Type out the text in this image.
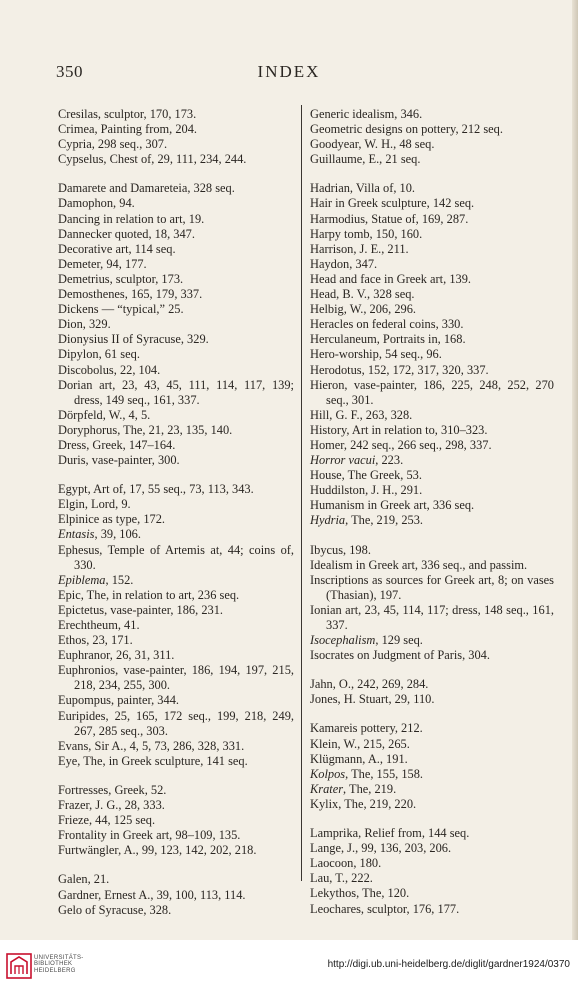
350	INDEX
Cresilas, sculptor, 170, 173.
Crimea, Painting from, 204.
Cypria, 298 seq., 307.
Cypselus, Chest of, 29, 111, 234, 244.
Damarete and Damareteia, 328 seq.
Damophon, 94.
Dancing in relation to art, 19.
Dannecker quoted, 18, 347.
Decorative art, 114 seq.
Demeter, 94, 177.
Demetrius, sculptor, 173.
Demosthenes, 165, 179, 337.
Dickens — “typical,” 25.
Dion, 329.
Dionysius II of Syracuse, 329.
Dipylon, 61 seq.
Discobolus, 22, 104.
Dorian art, 23, 43, 45, 111, 114, 117, 139; dress, 149 seq., 161, 337.
Dörpfeld, W., 4, 5.
Doryphorus, The, 21, 23, 135, 140.
Dress, Greek, 147–164.
Duris, vase-painter, 300.
Egypt, Art of, 17, 55 seq., 73, 113, 343.
Elgin, Lord, 9.
Elpinice as type, 172.
Entasis, 39, 106.
Ephesus, Temple of Artemis at, 44; coins of, 330.
Epiblema, 152.
Epic, The, in relation to art, 236 seq.
Epictetus, vase-painter, 186, 231.
Erechtheum, 41.
Ethos, 23, 171.
Euphranor, 26, 31, 311.
Euphronios, vase-painter, 186, 194, 197, 215, 218, 234, 255, 300.
Eupompus, painter, 344.
Euripides, 25, 165, 172 seq., 199, 218, 249, 267, 285 seq., 303.
Evans, Sir A., 4, 5, 73, 286, 328, 331.
Eye, The, in Greek sculpture, 141 seq.
Fortresses, Greek, 52.
Frazer, J. G., 28, 333.
Frieze, 44, 125 seq.
Frontality in Greek art, 98–109, 135.
Furtwängler, A., 99, 123, 142, 202, 218.
Galen, 21.
Gardner, Ernest A., 39, 100, 113, 114.
Gelo of Syracuse, 328.
Generic idealism, 346.
Geometric designs on pottery, 212 seq.
Goodyear, W. H., 48 seq.
Guillaume, E., 21 seq.
Hadrian, Villa of, 10.
Hair in Greek sculpture, 142 seq.
Harmodius, Statue of, 169, 287.
Harpy tomb, 150, 160.
Harrison, J. E., 211.
Haydon, 347.
Head and face in Greek art, 139.
Head, B. V., 328 seq.
Helbig, W., 206, 296.
Heracles on federal coins, 330.
Herculaneum, Portraits in, 168.
Hero-worship, 54 seq., 96.
Herodotus, 152, 172, 317, 320, 337.
Hieron, vase-painter, 186, 225, 248, 252, 270 seq., 301.
Hill, G. F., 263, 328.
History, Art in relation to, 310–323.
Homer, 242 seq., 266 seq., 298, 337.
Horror vacui, 223.
House, The Greek, 53.
Huddilston, J. H., 291.
Humanism in Greek art, 336 seq.
Hydria, The, 219, 253.
Ibycus, 198.
Idealism in Greek art, 336 seq., and passim.
Inscriptions as sources for Greek art, 8; on vases (Thasian), 197.
Ionian art, 23, 45, 114, 117; dress, 148 seq., 161, 337.
Isocephalism, 129 seq.
Isocrates on Judgment of Paris, 304.
Jahn, O., 242, 269, 284.
Jones, H. Stuart, 29, 110.
Kamareis pottery, 212.
Klein, W., 215, 265.
Klügmann, A., 191.
Kolpos, The, 155, 158.
Krater, The, 219.
Kylix, The, 219, 220.
Lamprika, Relief from, 144 seq.
Lange, J., 99, 136, 203, 206.
Laocoon, 180.
Lau, T., 222.
Lekythos, The, 120.
Leochares, sculptor, 176, 177.
UNIVERSITÄTS-
BIBLIOTHEK
HEIDELBERG
http://digi.ub.uni-heidelberg.de/diglit/gardner1924/0370
